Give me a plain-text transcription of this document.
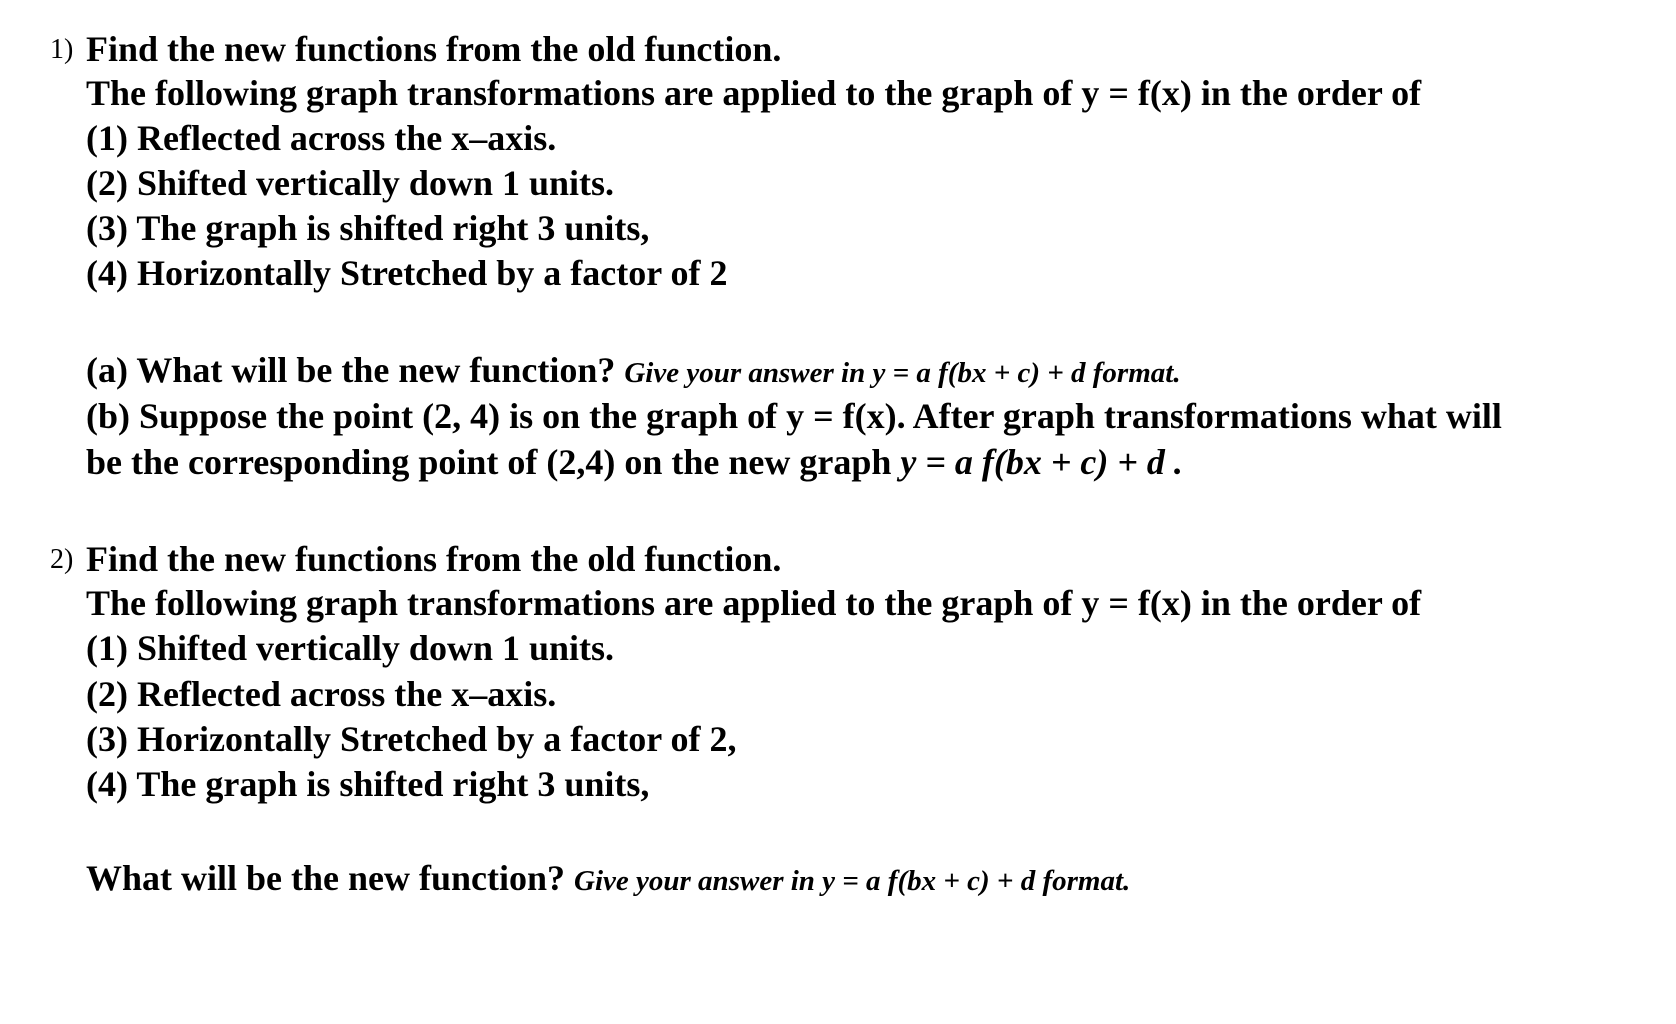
1) Find the new functions from the old function.
The following graph transformations are applied to the graph of y = f(x) in the order of
(1) Reflected across the x–axis.
(2) Shifted vertically down 1 units.
(3) The graph is shifted right 3 units,
(4) Horizontally Stretched by a factor of 2
(a) What will be the new function? Give your answer in y = a f(bx + c) + d format.
(b) Suppose the point (2, 4) is on the graph of y = f(x). After graph transformations what will
be the corresponding point of (2,4) on the new graph y = a f(bx + c) + d .
2) Find the new functions from the old function.
The following graph transformations are applied to the graph of y = f(x) in the order of
(1) Shifted vertically down 1 units.
(2) Reflected across the x–axis.
(3) Horizontally Stretched by a factor of 2,
(4) The graph is shifted right 3 units,
What will be the new function? Give your answer in y = a f(bx + c) + d format.
